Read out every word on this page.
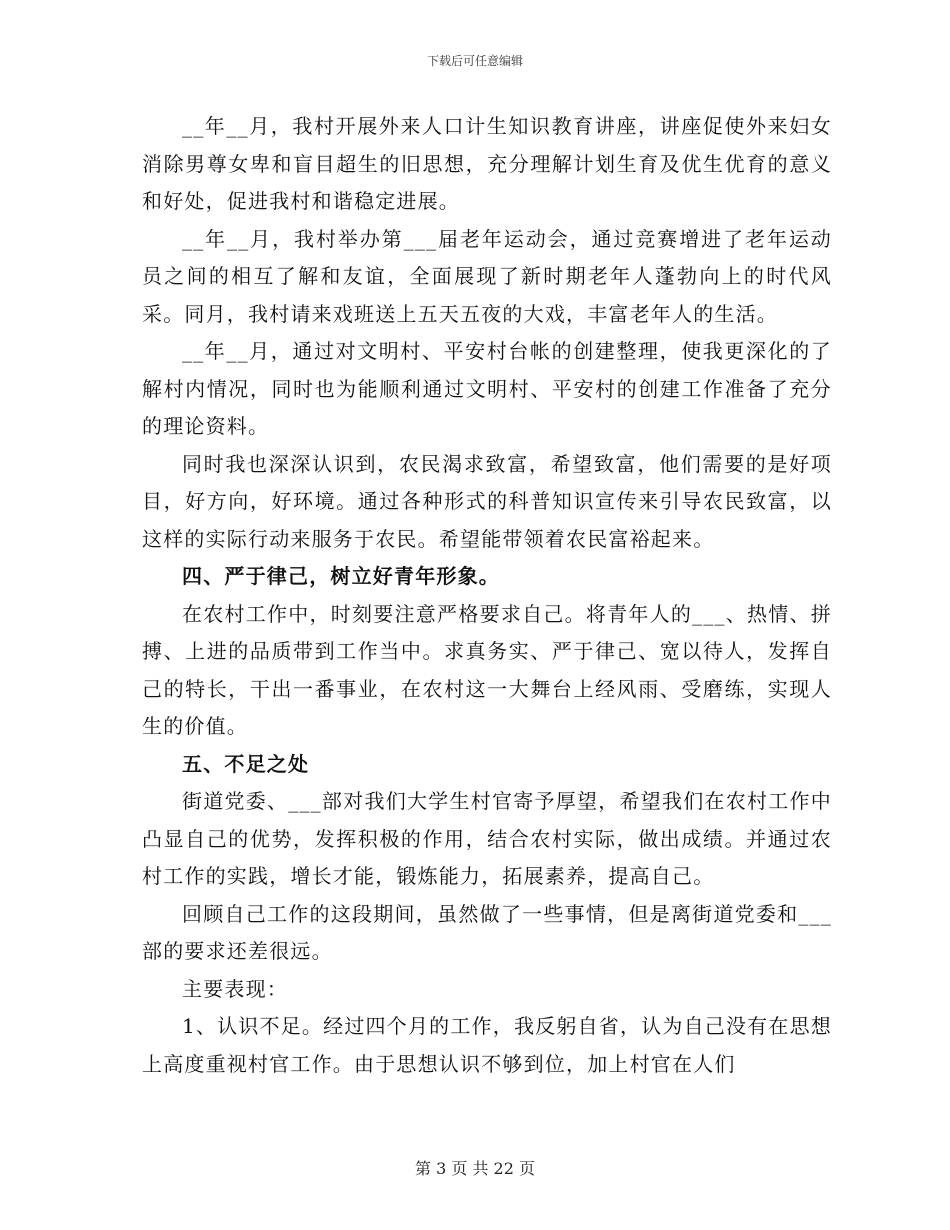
下载后可任意编辑

__年__月，我村开展外来人口计生知识教育讲座，讲座促使外来妇女消除男尊女卑和盲目超生的旧思想，充分理解计划生育及优生优育的意义和好处，促进我村和谐稳定进展。

__年__月，我村举办第___届老年运动会，通过竞赛增进了老年运动员之间的相互了解和友谊，全面展现了新时期老年人蓬勃向上的时代风采。同月，我村请来戏班送上五天五夜的大戏，丰富老年人的生活。

__年__月，通过对文明村、平安村台帐的创建整理，使我更深化的了解村内情况，同时也为能顺利通过文明村、平安村的创建工作准备了充分的理论资料。

同时我也深深认识到，农民渴求致富，希望致富，他们需要的是好项目，好方向，好环境。通过各种形式的科普知识宣传来引导农民致富，以这样的实际行动来服务于农民。希望能带领着农民富裕起来。

四、严于律己，树立好青年形象。

在农村工作中，时刻要注意严格要求自己。将青年人的___、热情、拼搏、上进的品质带到工作当中。求真务实、严于律己、宽以待人，发挥自己的特长，干出一番事业，在农村这一大舞台上经风雨、受磨练，实现人生的价值。

五、不足之处

街道党委、___部对我们大学生村官寄予厚望，希望我们在农村工作中凸显自己的优势，发挥积极的作用，结合农村实际，做出成绩。并通过农村工作的实践，增长才能，锻炼能力，拓展素养，提高自己。

回顾自己工作的这段期间，虽然做了一些事情，但是离街道党委和___部的要求还差很远。

主要表现：

1、认识不足。经过四个月的工作，我反躬自省，认为自己没有在思想上高度重视村官工作。由于思想认识不够到位，加上村官在人们

第 3 页 共 22 页
